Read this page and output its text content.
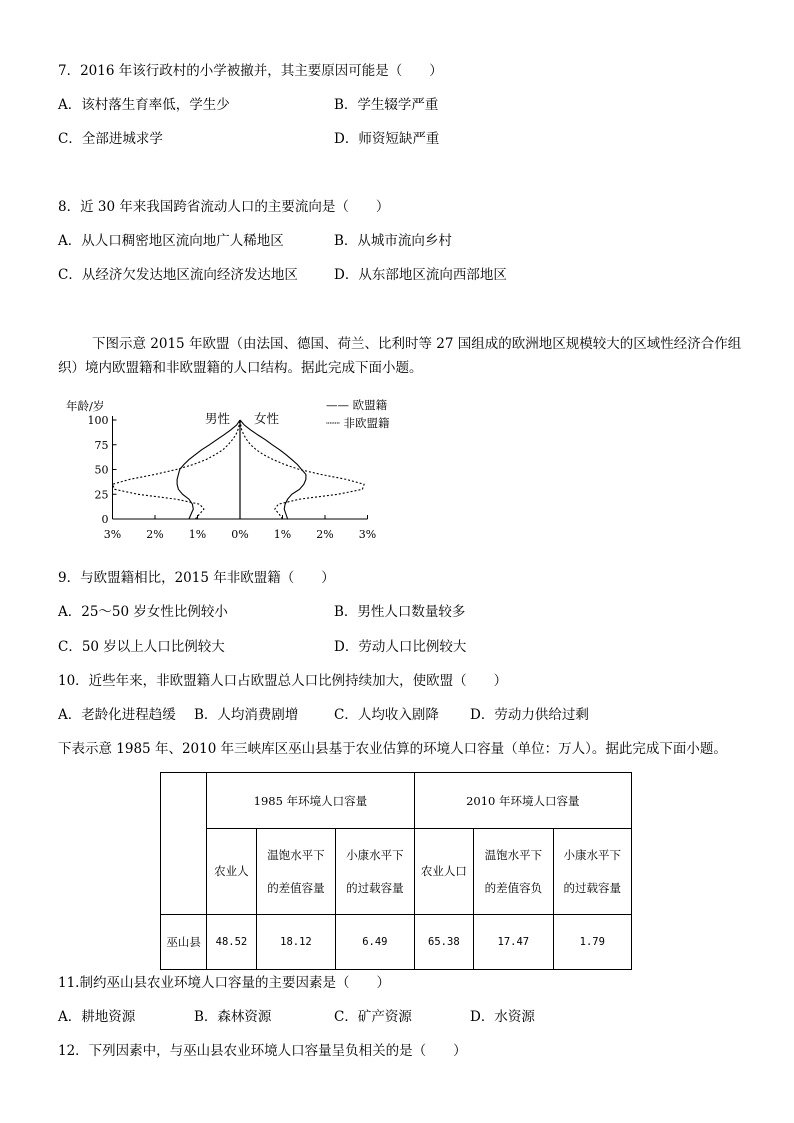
7．2016 年该行政村的小学被撤并，其主要原因可能是（　　）
A．该村落生育率低，学生少	B．学生辍学严重
C．全部进城求学	D．师资短缺严重
8．近 30 年来我国跨省流动人口的主要流向是（　　）
A．从人口稠密地区流向地广人稀地区	B．从城市流向乡村
C．从经济欠发达地区流向经济发达地区	D．从东部地区流向西部地区
下图示意 2015 年欧盟（由法国、德国、荷兰、比利时等 27 国组成的欧洲地区规模较大的区域性经济合作组织）境内欧盟籍和非欧盟籍的人口结构。据此完成下面小题。
100
75
50
25
0
3% 2% 1% 0% 1% 2% 3%
年龄/岁
男性 女性
—— 欧盟籍
┈┈ 非欧盟籍
9．与欧盟籍相比，2015 年非欧盟籍（　　）
A．25～50 岁女性比例较小	B．男性人口数量较多
C．50 岁以上人口比例较大	D．劳动人口比例较大
10．近些年来，非欧盟籍人口占欧盟总人口比例持续加大，使欧盟（　　）
A．老龄化进程趋缓 B．人均消费剧增	C．人均收入剧降 D．劳动力供给过剩
下表示意 1985 年、2010 年三峡库区巫山县基于农业估算的环境人口容量（单位：万人）。据此完成下面小题。
	1985 年环境人口容量			2010 年环境人口容量		
	农业人	温饱水平下的差值容量	小康水平下的过载容量	农业人口	温饱水平下的差值容负	小康水平下的过载容量
巫山县	48.52	18.12	6.49	65.38	17.47	1.79
11.制约巫山县农业环境人口容量的主要因素是（　　）
A．耕地资源	B．森林资源	C．矿产资源	D．水资源
12．下列因素中，与巫山县农业环境人口容量呈负相关的是（　　）
